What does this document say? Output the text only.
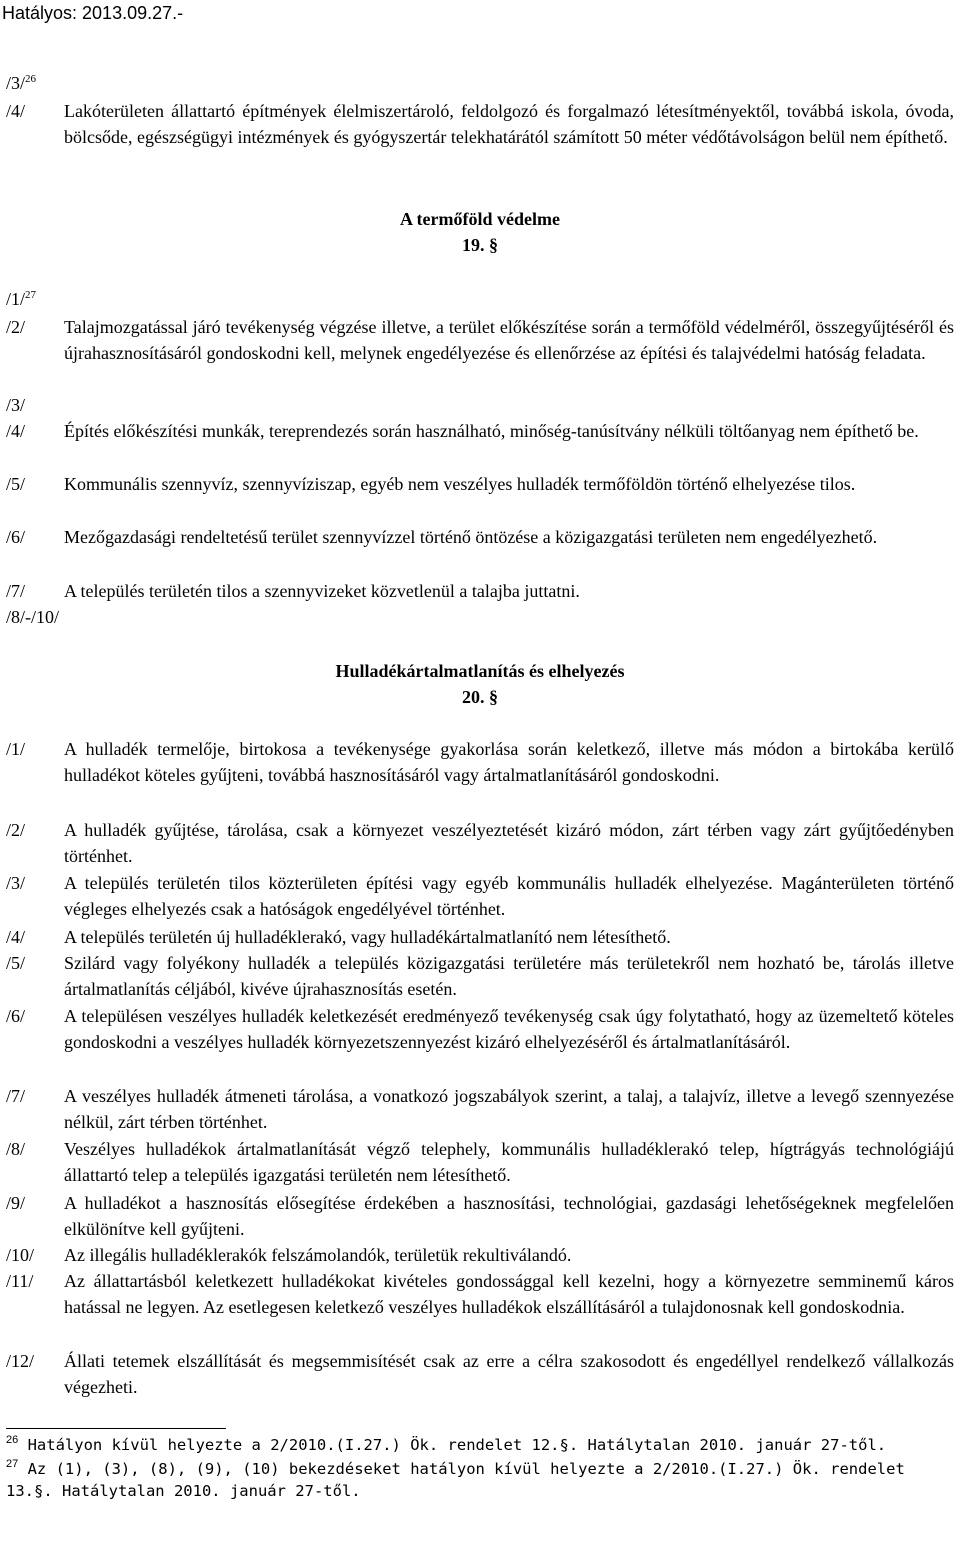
Hatályos: 2013.09.27.-
/3/$^{26}$
/4/ Lakóterületen állattartó építmények élelmiszertároló, feldolgozó és forgalmazó létesítményektől, továbbá iskola, óvoda, bölcsőde, egészségügyi intézmények és gyógyszertár telekhatárától számított 50 méter védőtávolságon belül nem építhető.
A termőföld védelme
19. §
/1/$^{27}$
/2/ Talajmozgatással járó tevékenység végzése illetve, a terület előkészítése során a termőföld védelméről, összegyűjtéséről és újrahasznosításáról gondoskodni kell, melynek engedélyezése és ellenőrzése az építési és talajvédelmi hatóság feladata.
/3/
/4/ Építés előkészítési munkák, tereprendezés során használható, minőség-tanúsítvány nélküli töltőanyag nem építhető be.
/5/ Kommunális szennyvíz, szennyvíziszap, egyéb nem veszélyes hulladék termőföldön történő elhelyezése tilos.
/6/ Mezőgazdasági rendeltetésű terület szennyvízzel történő öntözése a közigazgatási területen nem engedélyezhető.
/7/ A település területén tilos a szennyvizeket közvetlenül a talajba juttatni.
/8/-/10/
Hulladékártalmatlanítás és elhelyezés
20. §
/1/ A hulladék termelője, birtokosa a tevékenysége gyakorlása során keletkező, illetve más módon a birtokába kerülő hulladékot köteles gyűjteni, továbbá hasznosításáról vagy ártalmatlanításáról gondoskodni.
/2/ A hulladék gyűjtése, tárolása, csak a környezet veszélyeztetését kizáró módon, zárt térben vagy zárt gyűjtőedényben történhet.
/3/ A település területén tilos közterületen építési vagy egyéb kommunális hulladék elhelyezése. Magánterületen történő végleges elhelyezés csak a hatóságok engedélyével történhet.
/4/ A település területén új hulladéklerakó, vagy hulladékártalmatlanító nem létesíthető.
/5/ Szilárd vagy folyékony hulladék a település közigazgatási területére más területekről nem hozható be, tárolás illetve ártalmatlanítás céljából, kivéve újrahasznosítás esetén.
/6/ A településen veszélyes hulladék keletkezését eredményező tevékenység csak úgy folytatható, hogy az üzemeltető köteles gondoskodni a veszélyes hulladék környezetszennyezést kizáró elhelyezéséről és ártalmatlanításáról.
/7/ A veszélyes hulladék átmeneti tárolása, a vonatkozó jogszabályok szerint, a talaj, a talajvíz, illetve a levegő szennyezése nélkül, zárt térben történhet.
/8/ Veszélyes hulladékok ártalmatlanítását végző telephely, kommunális hulladéklerakó telep, hígtrágyás technológiájú állattartó telep a település igazgatási területén nem létesíthető.
/9/ A hulladékot a hasznosítás elősegítése érdekében a hasznosítási, technológiai, gazdasági lehetőségeknek megfelelően elkülönítve kell gyűjteni.
/10/ Az illegális hulladéklerakók felszámolandók, területük rekultiválandó.
/11/ Az állattartásból keletkezett hulladékokat kivételes gondossággal kell kezelni, hogy a környezetre semminemű káros hatással ne legyen. Az esetlegesen keletkező veszélyes hulladékok elszállításáról a tulajdonosnak kell gondoskodnia.
/12/ Állati tetemek elszállítását és megsemmisítését csak az erre a célra szakosodott és engedéllyel rendelkező vállalkozás végezheti.
$^{26}$ Hatályon kívül helyezte a 2/2010.(I.27.) Ök. rendelet 12.§. Hatálytalan 2010. január 27-től.
$^{27}$ Az (1), (3), (8), (9), (10) bekezdéseket hatályon kívül helyezte a 2/2010.(I.27.) Ök. rendelet 13.§. Hatálytalan 2010. január 27-től.
